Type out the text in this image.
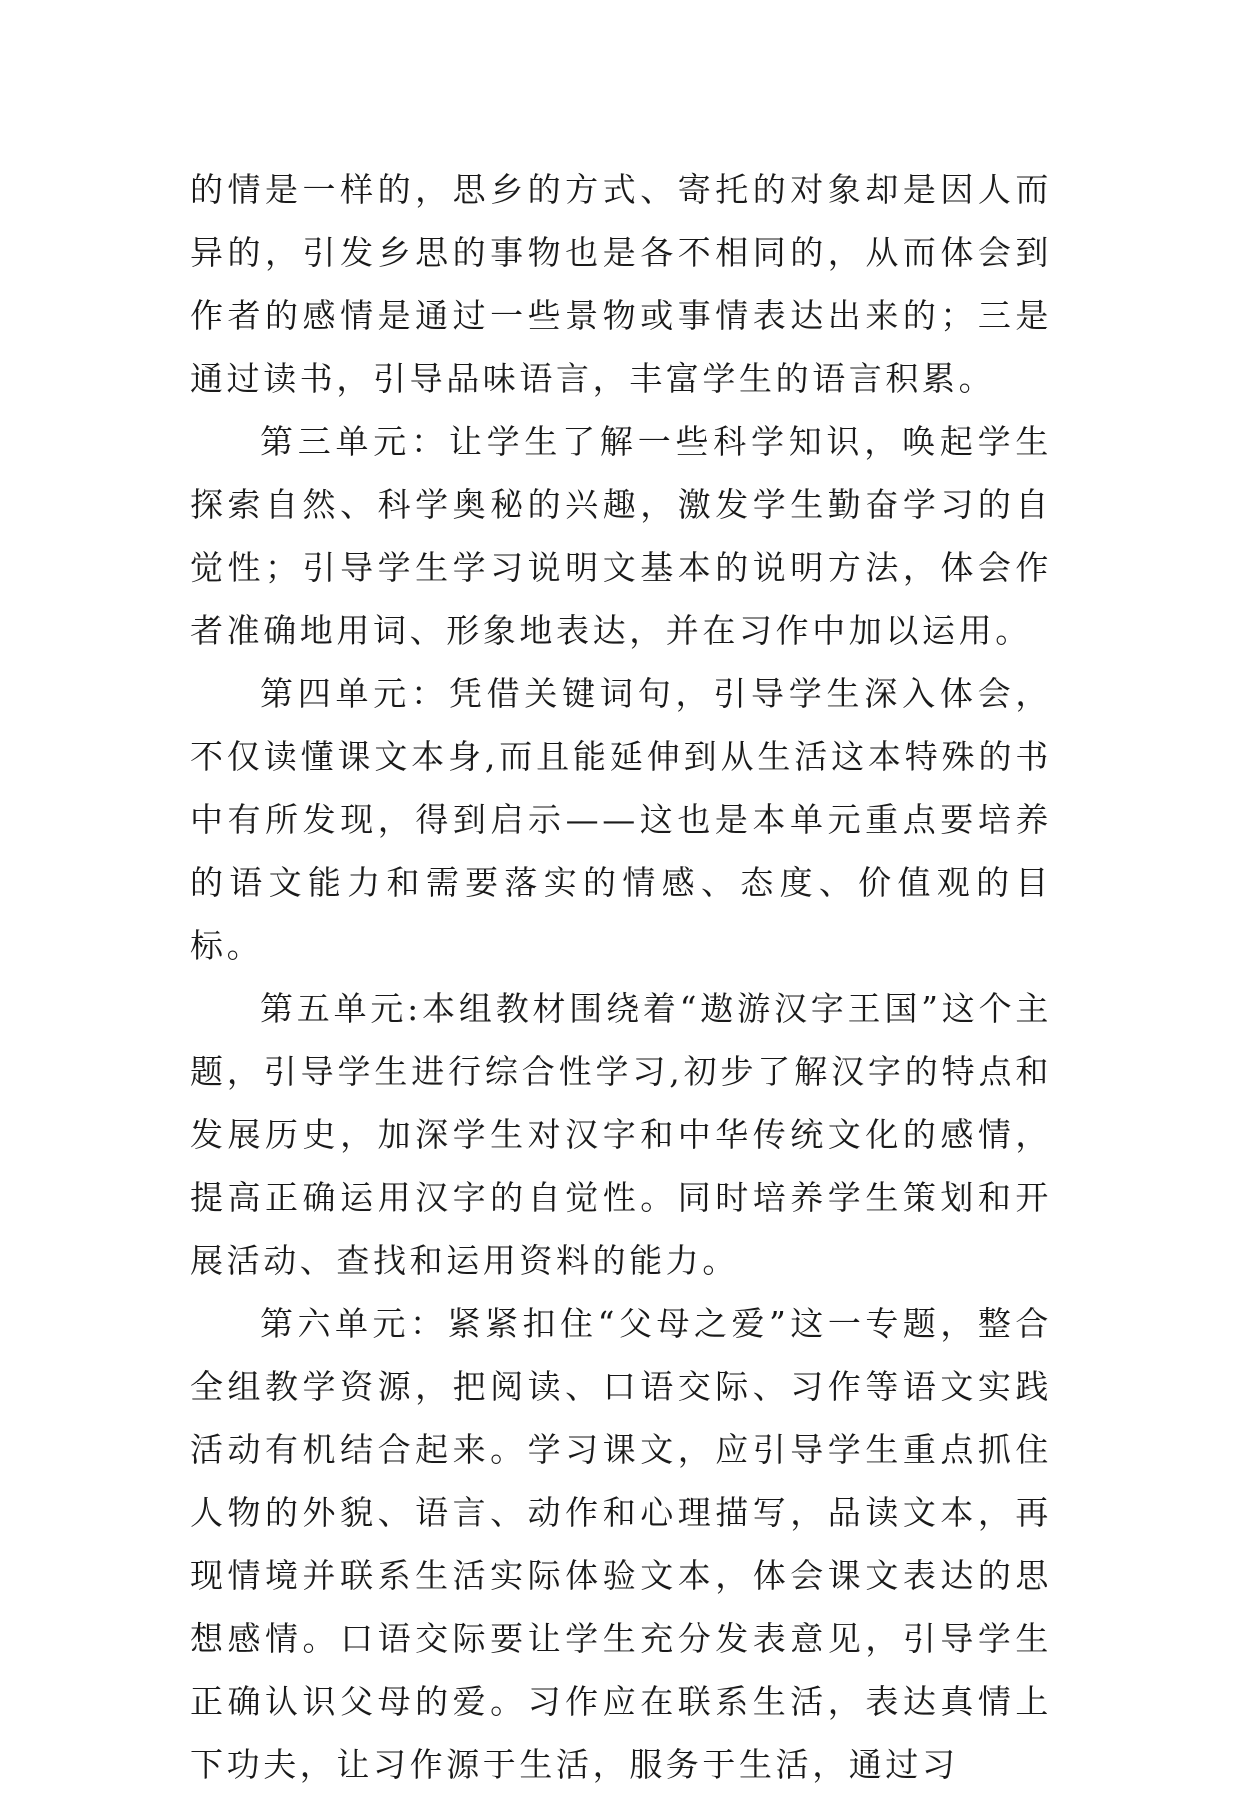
的情是一样的，思乡的方式、寄托的对象却是因人而异的，引发乡思的事物也是各不相同的，从而体会到作者的感情是通过一些景物或事情表达出来的；三是通过读书，引导品味语言，丰富学生的语言积累。

第三单元：让学生了解一些科学知识，唤起学生探索自然、科学奥秘的兴趣，激发学生勤奋学习的自觉性；引导学生学习说明文基本的说明方法，体会作者准确地用词、形象地表达，并在习作中加以运用。

第四单元：凭借关键词句，引导学生深入体会，不仅读懂课文本身,而且能延伸到从生活这本特殊的书中有所发现，得到启示——这也是本单元重点要培养的语文能力和需要落实的情感、态度、价值观的目标。

第五单元:本组教材围绕着“遨游汉字王国”这个主题，引导学生进行综合性学习,初步了解汉字的特点和发展历史，加深学生对汉字和中华传统文化的感情，提高正确运用汉字的自觉性。同时培养学生策划和开展活动、查找和运用资料的能力。

第六单元：紧紧扣住“父母之爱”这一专题，整合全组教学资源，把阅读、口语交际、习作等语文实践活动有机结合起来。学习课文，应引导学生重点抓住人物的外貌、语言、动作和心理描写，品读文本，再现情境并联系生活实际体验文本，体会课文表达的思想感情。口语交际要让学生充分发表意见，引导学生正确认识父母的爱。习作应在联系生活，表达真情上下功夫，让习作源于生活，服务于生活，通过习
